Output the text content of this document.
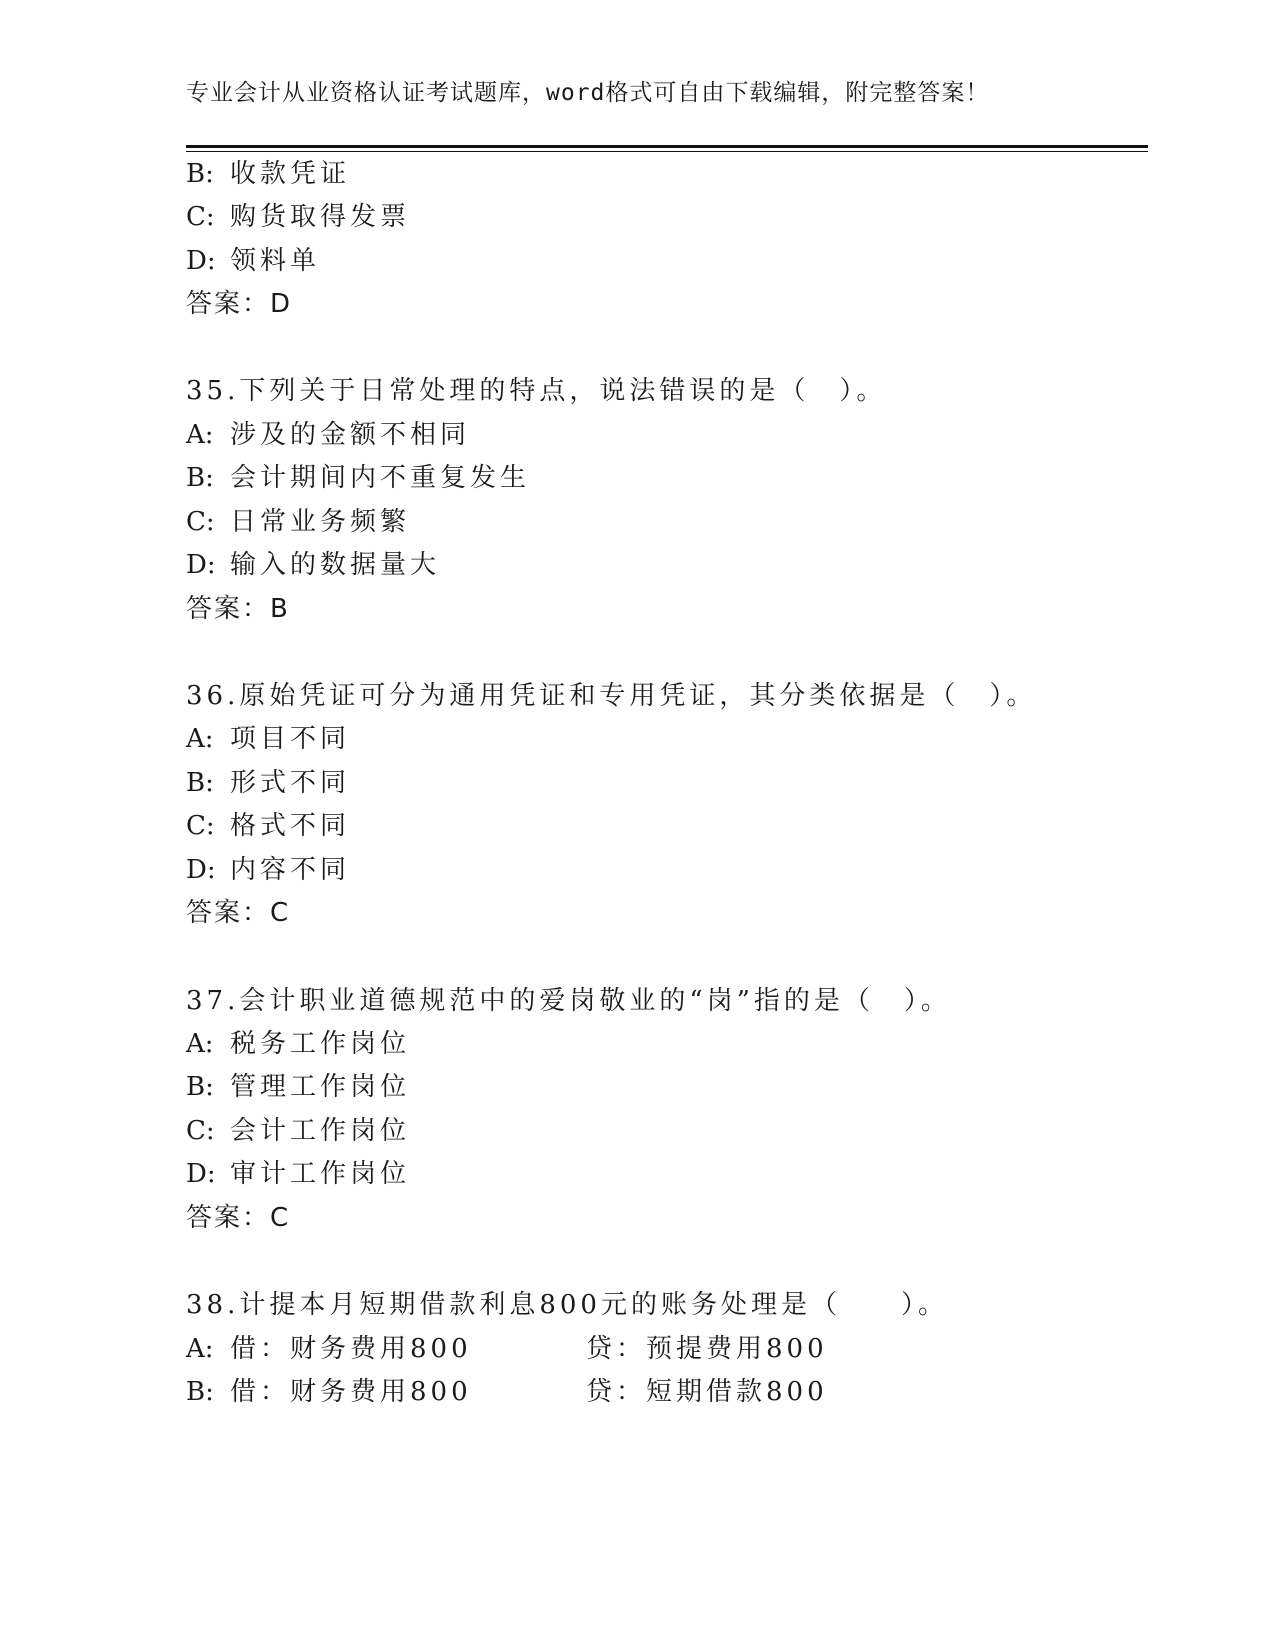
专业会计从业资格认证考试题库，word格式可自由下载编辑，附完整答案！
B: 收款凭证
C: 购货取得发票
D: 领料单
答案：D
35.下列关于日常处理的特点，说法错误的是（　）。
A: 涉及的金额不相同
B: 会计期间内不重复发生
C: 日常业务频繁
D: 输入的数据量大
答案：B
36.原始凭证可分为通用凭证和专用凭证，其分类依据是（　）。
A: 项目不同
B: 形式不同
C: 格式不同
D: 内容不同
答案：C
37.会计职业道德规范中的爱岗敬业的“岗”指的是（　）。
A: 税务工作岗位
B: 管理工作岗位
C: 会计工作岗位
D: 审计工作岗位
答案：C
38.计提本月短期借款利息800元的账务处理是（　　）。
A: 借：财务费用800	贷：预提费用800
B: 借：财务费用800	贷：短期借款800
